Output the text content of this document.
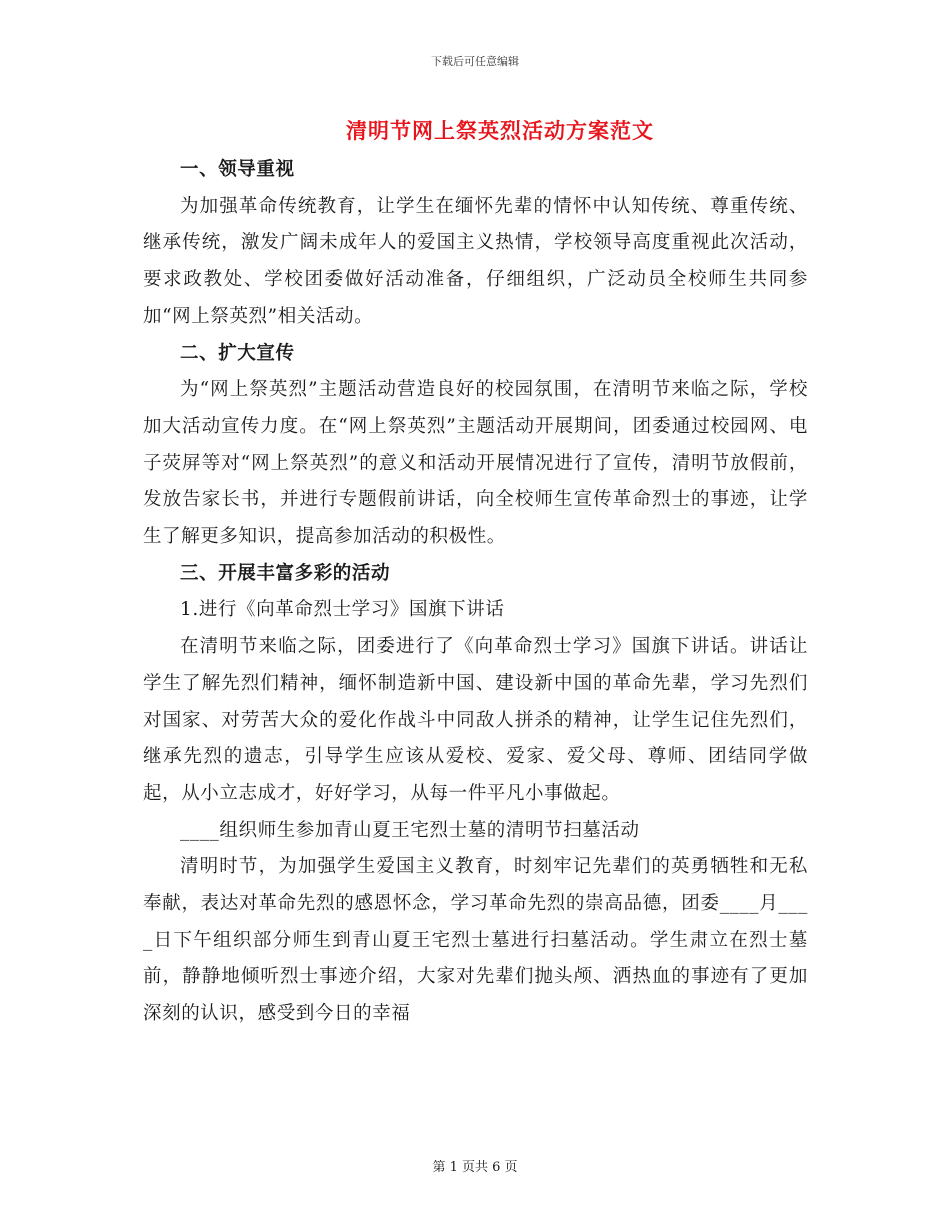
下载后可任意编辑
清明节网上祭英烈活动方案范文

一、领导重视

为加强革命传统教育，让学生在缅怀先辈的情怀中认知传统、尊重传统、继承传统，激发广阔未成年人的爱国主义热情，学校领导高度重视此次活动，要求政教处、学校团委做好活动准备，仔细组织，广泛动员全校师生共同参加“网上祭英烈”相关活动。

二、扩大宣传

为“网上祭英烈”主题活动营造良好的校园氛围，在清明节来临之际，学校加大活动宣传力度。在“网上祭英烈”主题活动开展期间，团委通过校园网、电子荧屏等对“网上祭英烈”的意义和活动开展情况进行了宣传，清明节放假前，发放告家长书，并进行专题假前讲话，向全校师生宣传革命烈士的事迹，让学生了解更多知识，提高参加活动的积极性。

三、开展丰富多彩的活动

1.进行《向革命烈士学习》国旗下讲话

在清明节来临之际，团委进行了《向革命烈士学习》国旗下讲话。讲话让学生了解先烈们精神，缅怀制造新中国、建设新中国的革命先辈，学习先烈们对国家、对劳苦大众的爱化作战斗中同敌人拼杀的精神，让学生记住先烈们，继承先烈的遗志，引导学生应该从爱校、爱家、爱父母、尊师、团结同学做起，从小立志成才，好好学习，从每一件平凡小事做起。

____组织师生参加青山夏王宅烈士墓的清明节扫墓活动

清明时节，为加强学生爱国主义教育，时刻牢记先辈们的英勇牺牲和无私奉献，表达对革命先烈的感恩怀念，学习革命先烈的崇高品德，团委____月____日下午组织部分师生到青山夏王宅烈士墓进行扫墓活动。学生肃立在烈士墓前，静静地倾听烈士事迹介绍，大家对先辈们抛头颅、洒热血的事迹有了更加深刻的认识，感受到今日的幸福

第 1 页共 6 页
